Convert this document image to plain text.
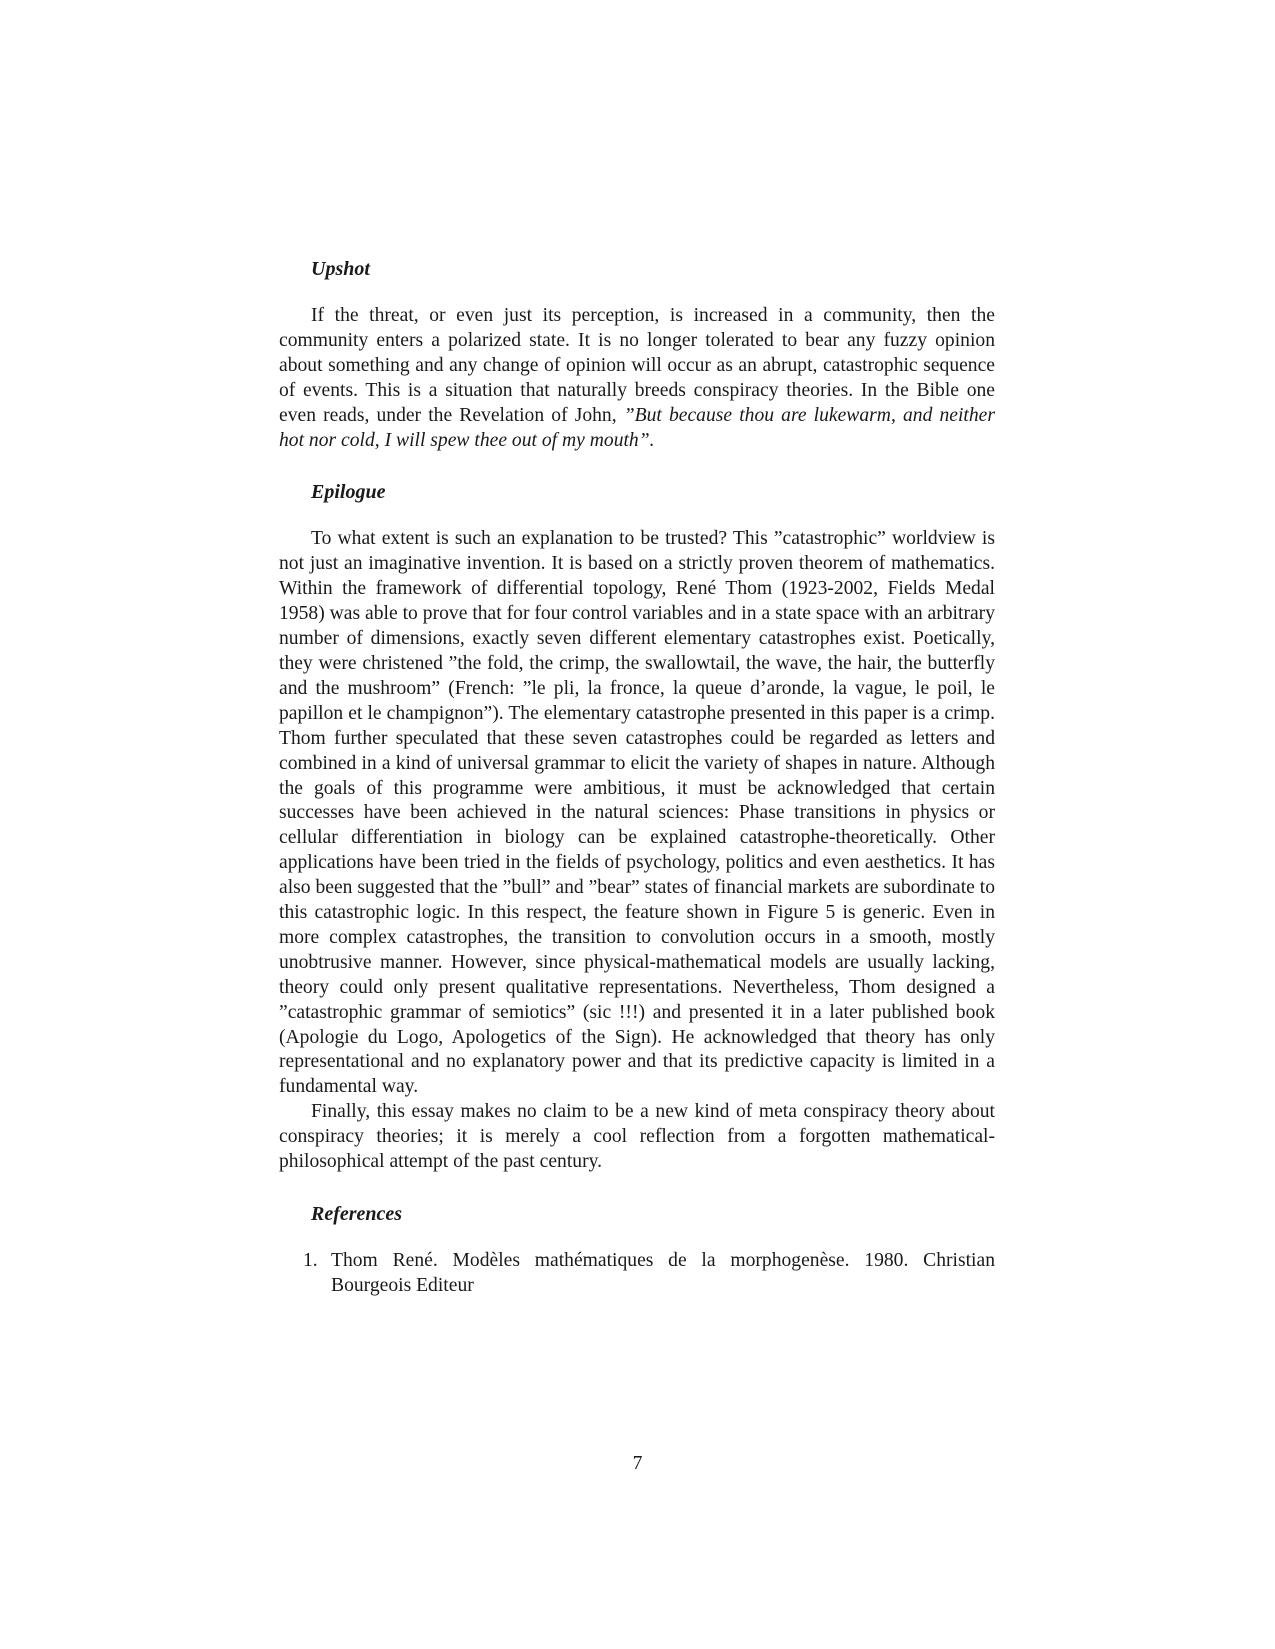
Upshot

If the threat, or even just its perception, is increased in a community, then the community enters a polarized state. It is no longer tolerated to bear any fuzzy opinion about something and any change of opinion will occur as an abrupt, catastrophic sequence of events. This is a situation that naturally breeds conspiracy theories. In the Bible one even reads, under the Revelation of John, ”But because thou are lukewarm, and neither hot nor cold, I will spew thee out of my mouth”.

Epilogue

To what extent is such an explanation to be trusted? This ”catastrophic” worldview is not just an imaginative invention. It is based on a strictly proven theorem of mathematics. Within the framework of differential topology, René Thom (1923-2002, Fields Medal 1958) was able to prove that for four control variables and in a state space with an arbitrary number of dimensions, exactly seven different elementary catastrophes exist. Poetically, they were christened ”the fold, the crimp, the swallowtail, the wave, the hair, the butterfly and the mushroom” (French: ”le pli, la fronce, la queue d’aronde, la vague, le poil, le papillon et le champignon”). The elementary catastrophe presented in this paper is a crimp. Thom further speculated that these seven catastrophes could be regarded as letters and combined in a kind of universal grammar to elicit the variety of shapes in nature. Although the goals of this programme were ambitious, it must be acknowledged that certain successes have been achieved in the natural sciences: Phase transitions in physics or cellular differentiation in biology can be explained catastrophe-theoretically. Other applications have been tried in the fields of psychology, politics and even aesthetics. It has also been suggested that the ”bull” and ”bear” states of financial markets are subordinate to this catastrophic logic. In this respect, the feature shown in Figure 5 is generic. Even in more complex catastrophes, the transition to convolution occurs in a smooth, mostly unobtrusive manner. However, since physical-mathematical models are usually lacking, theory could only present qualitative representations. Nevertheless, Thom designed a ”catastrophic grammar of semiotics” (sic !!!) and presented it in a later published book (Apologie du Logo, Apologetics of the Sign). He acknowledged that theory has only representational and no explanatory power and that its predictive capacity is limited in a fundamental way.

Finally, this essay makes no claim to be a new kind of meta conspiracy theory about conspiracy theories; it is merely a cool reflection from a forgotten mathematical- philosophical attempt of the past century.

References
1. Thom René. Modèles mathématiques de la morphogenèse. 1980. Christian Bourgeois Editeur
7
